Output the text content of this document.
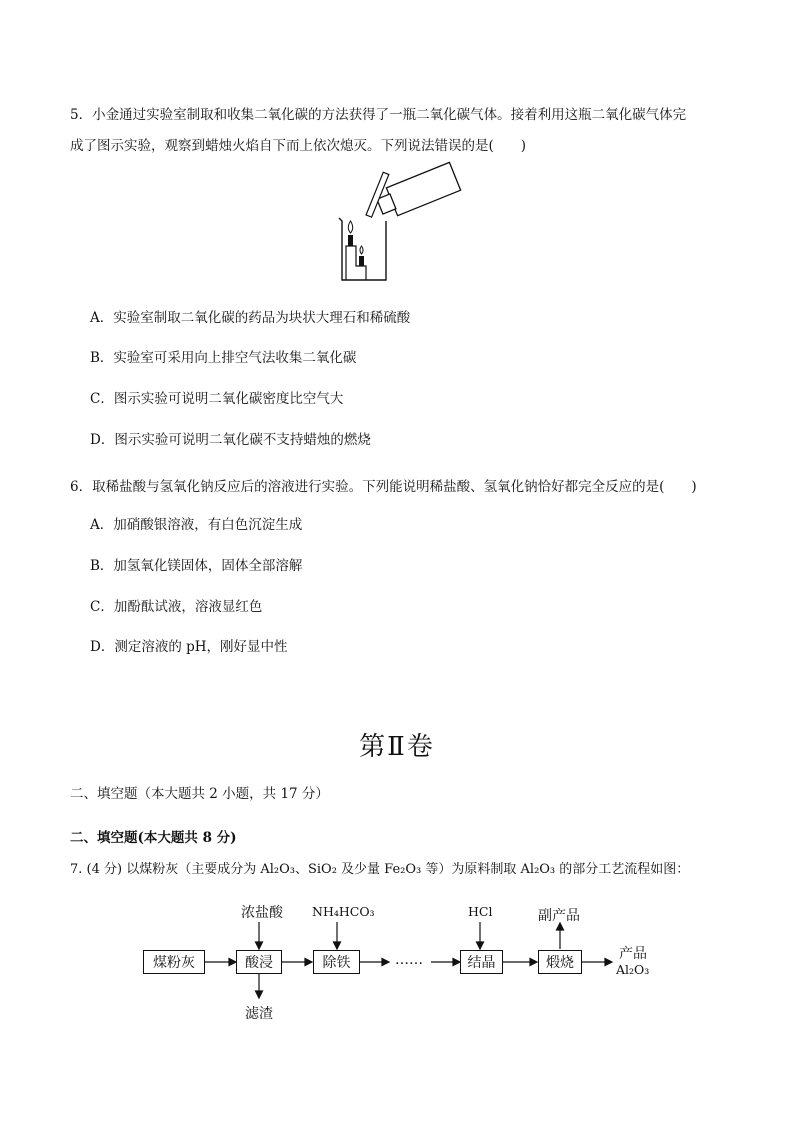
5．小金通过实验室制取和收集二氧化碳的方法获得了一瓶二氧化碳气体。接着利用这瓶二氧化碳气体完
成了图示实验，观察到蜡烛火焰自下而上依次熄灭。下列说法错误的是(　　)
A．实验室制取二氧化碳的药品为块状大理石和稀硫酸
B．实验室可采用向上排空气法收集二氧化碳
C．图示实验可说明二氧化碳密度比空气大
D．图示实验可说明二氧化碳不支持蜡烛的燃烧
6．取稀盐酸与氢氧化钠反应后的溶液进行实验。下列能说明稀盐酸、氢氧化钠恰好都完全反应的是(　　)
A．加硝酸银溶液，有白色沉淀生成
B．加氢氧化镁固体，固体全部溶解
C．加酚酞试液，溶液显红色
D．测定溶液的 pH，刚好显中性
第Ⅱ卷
二、填空题（本大题共 2 小题，共 17 分）
二、填空题(本大题共 8 分)
7. (4 分) 以煤粉灰（主要成分为 Al₂O₃、SiO₂ 及少量 Fe₂O₃ 等）为原料制取 Al₂O₃ 的部分工艺流程如图：
浓盐酸 NH₄HCO₃	HCl	副产品
煤粉灰	酸浸	除铁	……	结晶	煅烧
产品
Al₂O₃
滤渣
